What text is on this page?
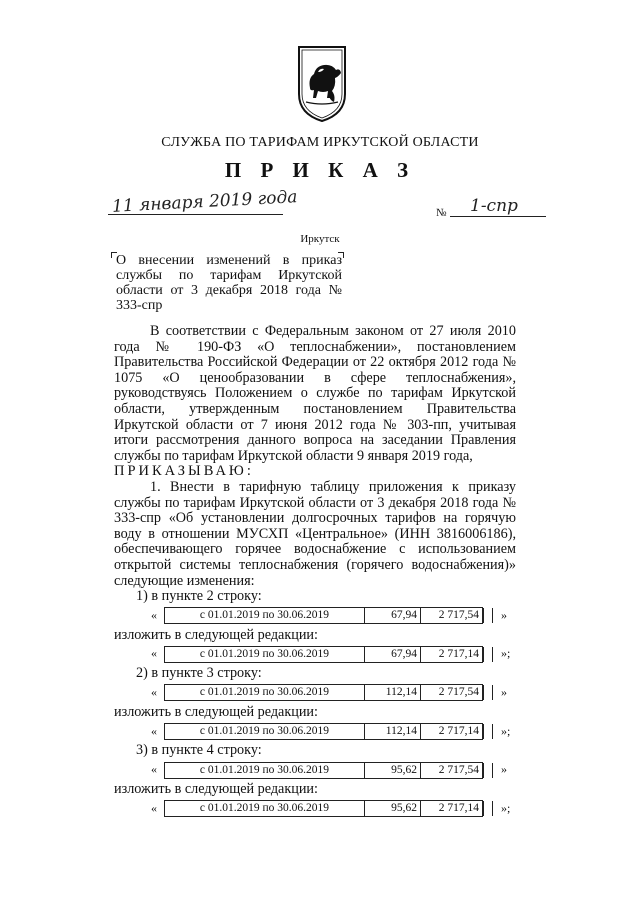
СЛУЖБА ПО ТАРИФАМ ИРКУТСКОЙ ОБЛАСТИ
П Р И К А З
11 января 2019 года	№ 1-спр
Иркутск
О внесении изменений в приказ службы по тарифам Иркутской области от 3 декабря 2018 года № 333-спр

В соответствии с Федеральным законом от 27 июля 2010 года № 190-ФЗ «О теплоснабжении», постановлением Правительства Российской Федерации от 22 октября 2012 года № 1075 «О ценообразовании в сфере теплоснабжения», руководствуясь Положением о службе по тарифам Иркутской области, утвержденным постановлением Правительства Иркутской области от 7 июня 2012 года № 303-пп, учитывая итоги рассмотрения данного вопроса на заседании Правления службы по тарифам Иркутской области 9 января 2019 года,

ПРИКАЗЫВАЮ:

1. Внести в тарифную таблицу приложения к приказу службы по тарифам Иркутской области от 3 декабря 2018 года № 333-спр «Об установлении долгосрочных тарифов на горячую воду в отношении МУСХП «Центральное» (ИНН 3816006186), обеспечивающего горячее водоснабжение с использованием открытой системы теплоснабжения (горячего водоснабжения)» следующие изменения:

1) в пункте 2 строку:

«	с 01.01.2019 по 30.06.2019	67,94	2 717,54	»

изложить в следующей редакции:

«	с 01.01.2019 по 30.06.2019	67,94	2 717,14	»;

2) в пункте 3 строку:

«	с 01.01.2019 по 30.06.2019	112,14	2 717,54	»

изложить в следующей редакции:

«	с 01.01.2019 по 30.06.2019	112,14	2 717,14	»;

3) в пункте 4 строку:

«	с 01.01.2019 по 30.06.2019	95,62	2 717,54	»

изложить в следующей редакции:

«	с 01.01.2019 по 30.06.2019	95,62	2 717,14	»;
